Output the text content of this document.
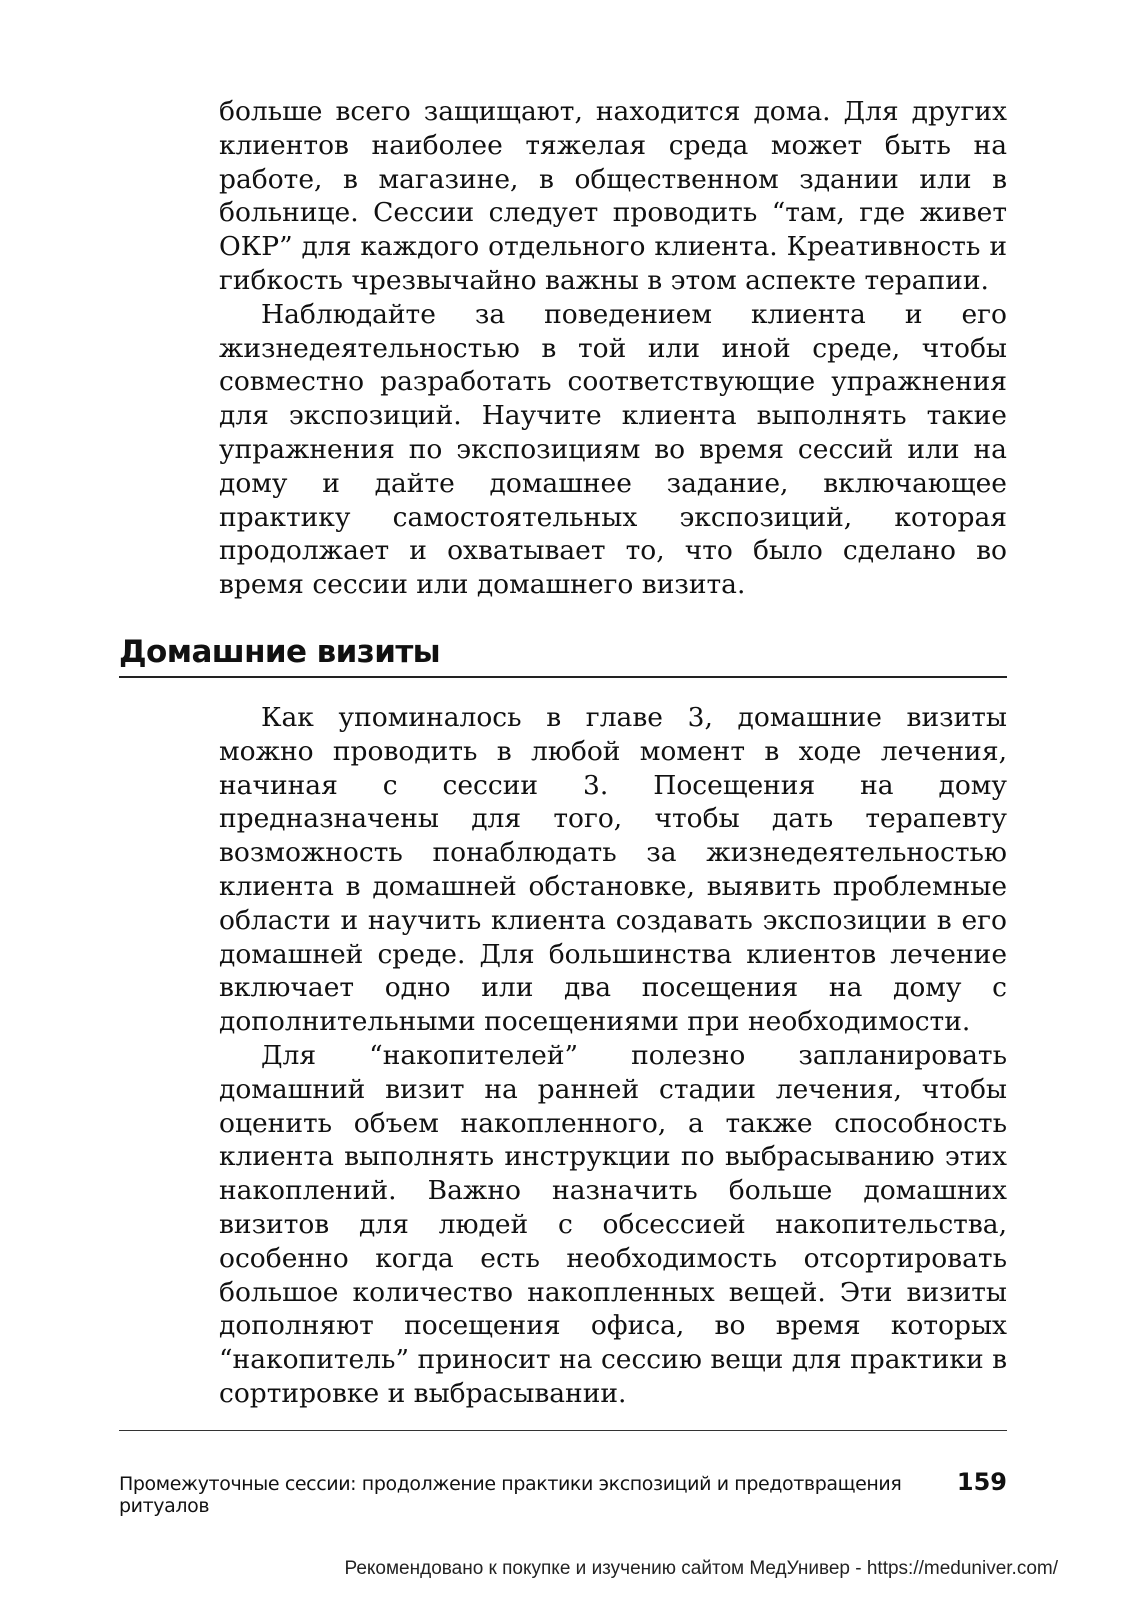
больше всего защищают, находится дома. Для других клиентов наиболее тяжелая среда может быть на работе, в магазине, в общественном здании или в больнице. Сессии следует проводить “там, где живет ОКР” для каждого отдельного клиента. Креативность и гибкость чрезвычайно важны в этом аспекте терапии.

Наблюдайте за поведением клиента и его жизнедеятельностью в той или иной среде, чтобы совместно разработать соответствующие упражнения для экспозиций. Научите клиента выполнять такие упражнения по экспозициям во время сессий или на дому и дайте домашнее задание, включающее практику самостоятельных экспозиций, которая продолжает и охватывает то, что было сделано во время сессии или домашнего визита.

Домашние визиты

Как упоминалось в главе 3, домашние визиты можно проводить в любой момент в ходе лечения, начиная с сессии 3. Посещения на дому предназначены для того, чтобы дать терапевту возможность понаблюдать за жизнедеятельностью клиента в домашней обстановке, выявить проблемные области и научить клиента создавать экспозиции в его домашней среде. Для большинства клиентов лечение включает одно или два посещения на дому с дополнительными посещениями при необходимости.

Для “накопителей” полезно запланировать домашний визит на ранней стадии лечения, чтобы оценить объем накопленного, а также способность клиента выполнять инструкции по выбрасыванию этих накоплений. Важно назначить больше домашних визитов для людей с обсессией накопительства, особенно когда есть необходимость отсортировать большое количество накопленных вещей. Эти визиты дополняют посещения офиса, во время которых “накопитель” приносит на сессию вещи для практики в сортировке и выбрасывании.

Промежуточные сессии: продолжение практики экспозиций и предотвращения ритуалов
159
Рекомендовано к покупке и изучению сайтом МедУнивер - https://meduniver.com/
